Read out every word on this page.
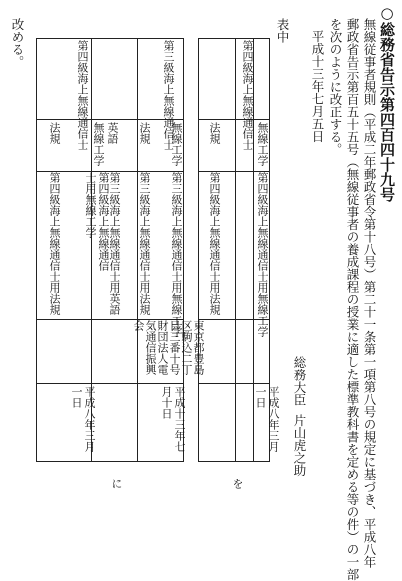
○総務省告示第四百四十九号
無線従事者規則（平成二年郵政省令第十八号）第二十一条第一項第八号の規定に基づき、平成八年
郵政省告示第百五十五号（無線従事者の養成課程の授業に適した標準教科書を定める等の件）の一部
を次のように改正する。
平成十三年七月五日
総務大臣
片山虎之助
表中
第四級海上無線通信士 無線工学
法規
第四級海上無線通信士用無線工学
第四級海上無線通信士用法規
平成八年三月一日
を
第三級海上無線通信士
第四級海上無線通信士	無線工学
法規
英語
無線工学
法規
第三級海上無線通信士用無線工学
第三級海上無線通信士用法規
第三級海上無線通信士用英語
第四級海上無線通信士用無線工学
第四級海上無線通信士用法規
東京都豊島区駒込二丁目三番十号財団法人電気通信振興会
平成十三年七月十日
平成八年三月一日
に
改める。
